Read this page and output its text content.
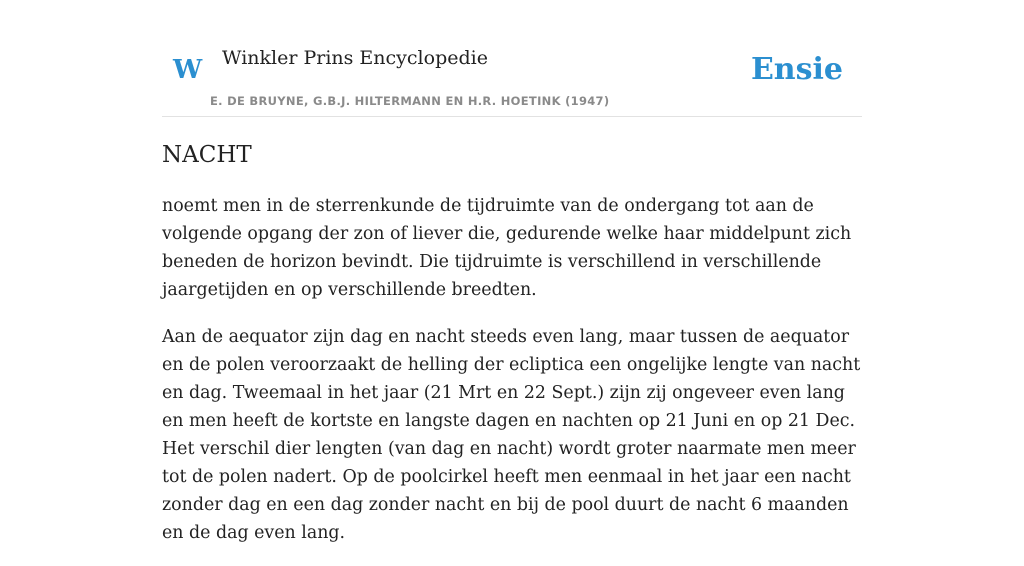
W Winkler Prins Encyclopedie
E. DE BRUYNE, G.B.J. HILTERMANN EN H.R. HOETINK (1947)
Ensie
NACHT

noemt men in de sterrenkunde de tijdruimte van de ondergang tot aan de volgende opgang der zon of liever die, gedurende welke haar middelpunt zich beneden de horizon bevindt. Die tijdruimte is verschillend in verschillende jaargetijden en op verschillende breedten.

Aan de aequator zijn dag en nacht steeds even lang, maar tussen de aequator en de polen veroorzaakt de helling der ecliptica een ongelijke lengte van nacht en dag. Tweemaal in het jaar (21 Mrt en 22 Sept.) zijn zij ongeveer even lang en men heeft de kortste en langste dagen en nachten op 21 Juni en op 21 Dec. Het verschil dier lengten (van dag en nacht) wordt groter naarmate men meer tot de polen nadert. Op de poolcirkel heeft men eenmaal in het jaar een nacht zonder dag en een dag zonder nacht en bij de pool duurt de nacht 6 maanden en de dag even lang.
